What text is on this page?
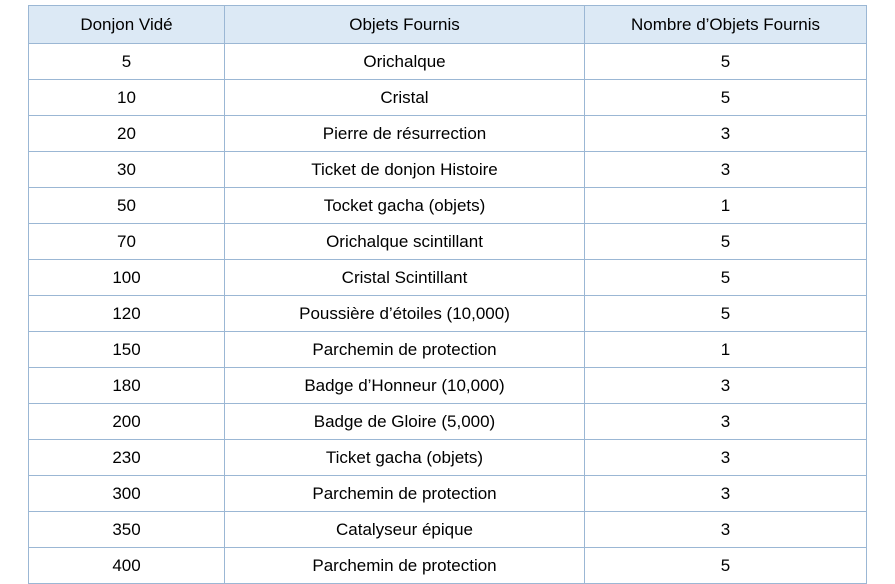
Donjon Vidé	Objets Fournis	Nombre d’Objets Fournis
5	Orichalque	5
10	Cristal	5
20	Pierre de résurrection	3
30	Ticket de donjon Histoire	3
50	Tocket gacha (objets)	1
70	Orichalque scintillant	5
100	Cristal Scintillant	5
120	Poussière d’étoiles (10,000)	5
150	Parchemin de protection	1
180	Badge d’Honneur (10,000)	3
200	Badge de Gloire (5,000)	3
230	Ticket gacha (objets)	3
300	Parchemin de protection	3
350	Catalyseur épique	3
400	Parchemin de protection	5
